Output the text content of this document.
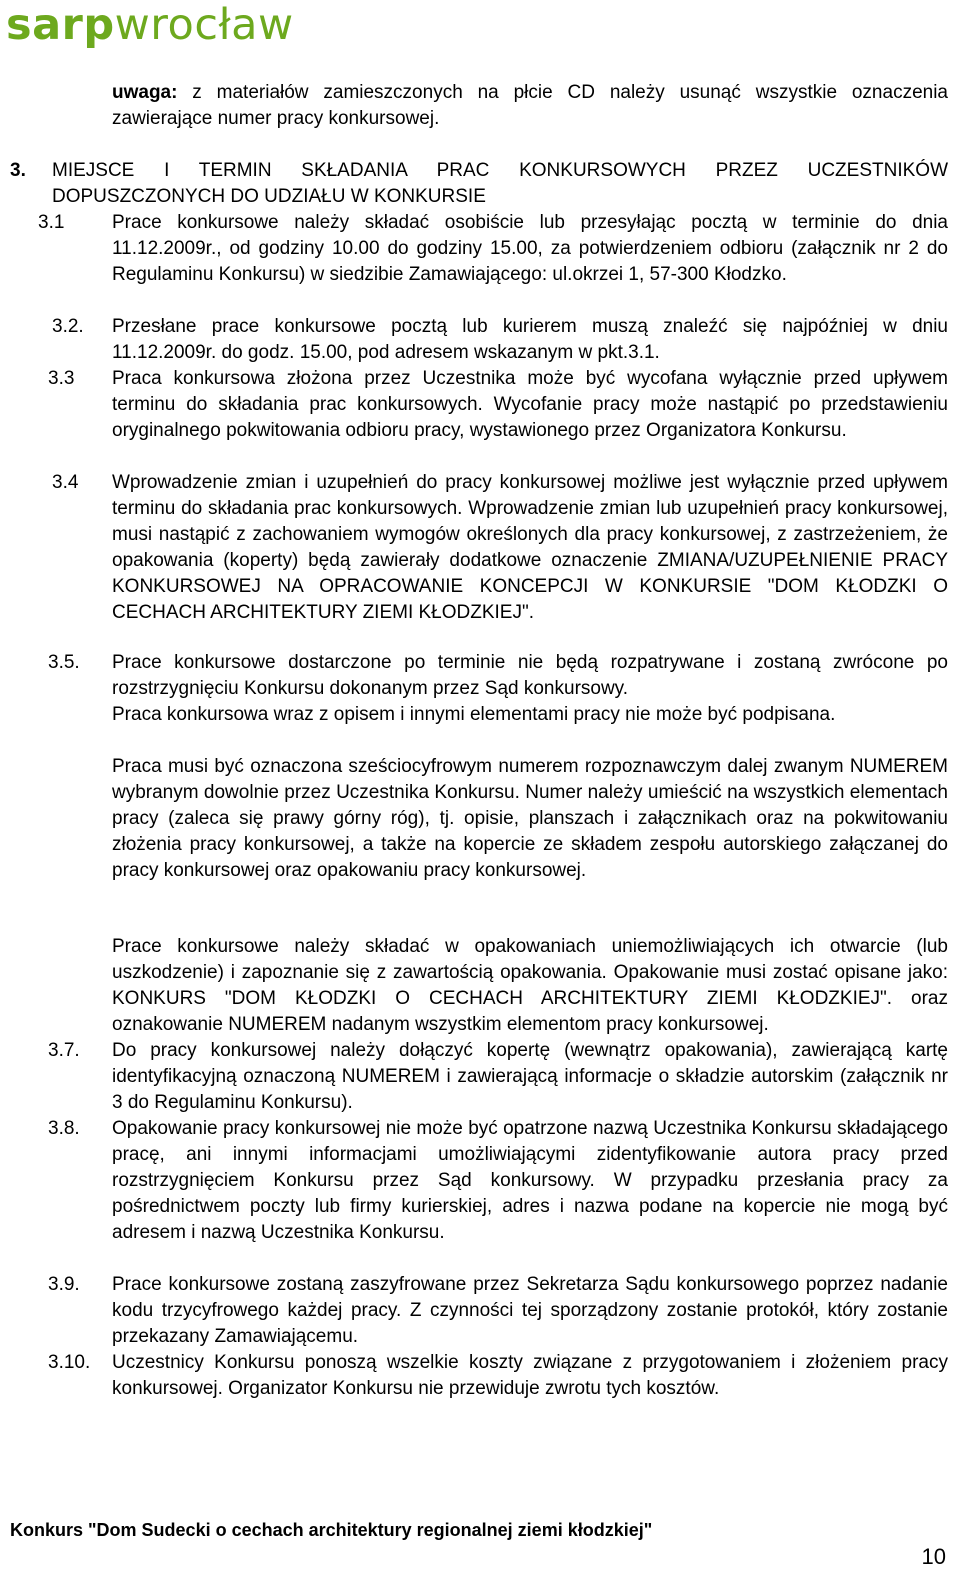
sarpwrocław

uwaga: z materiałów zamieszczonych na płcie CD należy usunąć wszystkie oznaczenia zawierające numer pracy konkursowej.

3. MIEJSCE I TERMIN SKŁADANIA PRAC KONKURSOWYCH PRZEZ UCZESTNIKÓW DOPUSZCZONYCH DO UDZIAŁU W KONKURSIE

3.1	Prace konkursowe należy składać osobiście lub przesyłając pocztą w terminie do dnia 11.12.2009r., od godziny 10.00 do godziny 15.00, za potwierdzeniem odbioru (załącznik nr 2 do Regulaminu Konkursu) w siedzibie Zamawiającego: ul.okrzei 1, 57-300 Kłodzko.

3.2. Przesłane prace konkursowe pocztą lub kurierem muszą znaleźć się najpóźniej w dniu 11.12.2009r. do godz. 15.00, pod adresem wskazanym w pkt.3.1.

3.3 Praca konkursowa złożona przez Uczestnika może być wycofana wyłącznie przed upływem terminu do składania prac konkursowych. Wycofanie pracy może nastąpić po przedstawieniu oryginalnego pokwitowania odbioru pracy, wystawionego przez Organizatora Konkursu.

3.4 Wprowadzenie zmian i uzupełnień do pracy konkursowej możliwe jest wyłącznie przed upływem terminu do składania prac konkursowych. Wprowadzenie zmian lub uzupełnień pracy konkursowej, musi nastąpić z zachowaniem wymogów określonych dla pracy konkursowej, z zastrzeżeniem, że opakowania (koperty) będą zawierały dodatkowe oznaczenie ZMIANA/UZUPEŁNIENIE PRACY KONKURSOWEJ NA OPRACOWANIE KONCEPCJI W KONKURSIE "DOM KŁODZKI O CECHACH ARCHITEKTURY ZIEMI KŁODZKIEJ".

3.5. Prace konkursowe dostarczone po terminie nie będą rozpatrywane i zostaną zwrócone po rozstrzygnięciu Konkursu dokonanym przez Sąd konkursowy.

Praca konkursowa wraz z opisem i innymi elementami pracy nie może być podpisana.

Praca musi być oznaczona sześciocyfrowym numerem rozpoznawczym dalej zwanym NUMEREM wybranym dowolnie przez Uczestnika Konkursu. Numer należy umieścić na wszystkich elementach pracy (zaleca się prawy górny róg), tj. opisie, planszach i załącznikach oraz na pokwitowaniu złożenia pracy konkursowej, a także na kopercie ze składem zespołu autorskiego załączanej do pracy konkursowej oraz opakowaniu pracy konkursowej.

Prace konkursowe należy składać w opakowaniach uniemożliwiających ich otwarcie (lub uszkodzenie) i zapoznanie się z zawartością opakowania. Opakowanie musi zostać opisane jako: KONKURS "DOM KŁODZKI O CECHACH ARCHITEKTURY ZIEMI KŁODZKIEJ". oraz oznakowanie NUMEREM nadanym wszystkim elementom pracy konkursowej.

3.7. Do pracy konkursowej należy dołączyć kopertę (wewnątrz opakowania), zawierającą kartę identyfikacyjną oznaczoną NUMEREM i zawierającą informacje o składzie autorskim (załącznik nr 3 do Regulaminu Konkursu).

3.8. Opakowanie pracy konkursowej nie może być opatrzone nazwą Uczestnika Konkursu składającego pracę, ani innymi informacjami umożliwiającymi zidentyfikowanie autora pracy przed rozstrzygnięciem Konkursu przez Sąd konkursowy. W przypadku przesłania pracy za pośrednictwem poczty lub firmy kurierskiej, adres i nazwa podane na kopercie nie mogą być adresem i nazwą Uczestnika Konkursu.

3.9. Prace konkursowe zostaną zaszyfrowane przez Sekretarza Sądu konkursowego poprzez nadanie kodu trzycyfrowego każdej pracy. Z czynności tej sporządzony zostanie protokół, który zostanie przekazany Zamawiającemu.

3.10. Uczestnicy Konkursu ponoszą wszelkie koszty związane z przygotowaniem i złożeniem pracy konkursowej. Organizator Konkursu nie przewiduje zwrotu tych kosztów.

Konkurs "Dom Sudecki o cechach architektury regionalnej ziemi kłodzkiej"
10
